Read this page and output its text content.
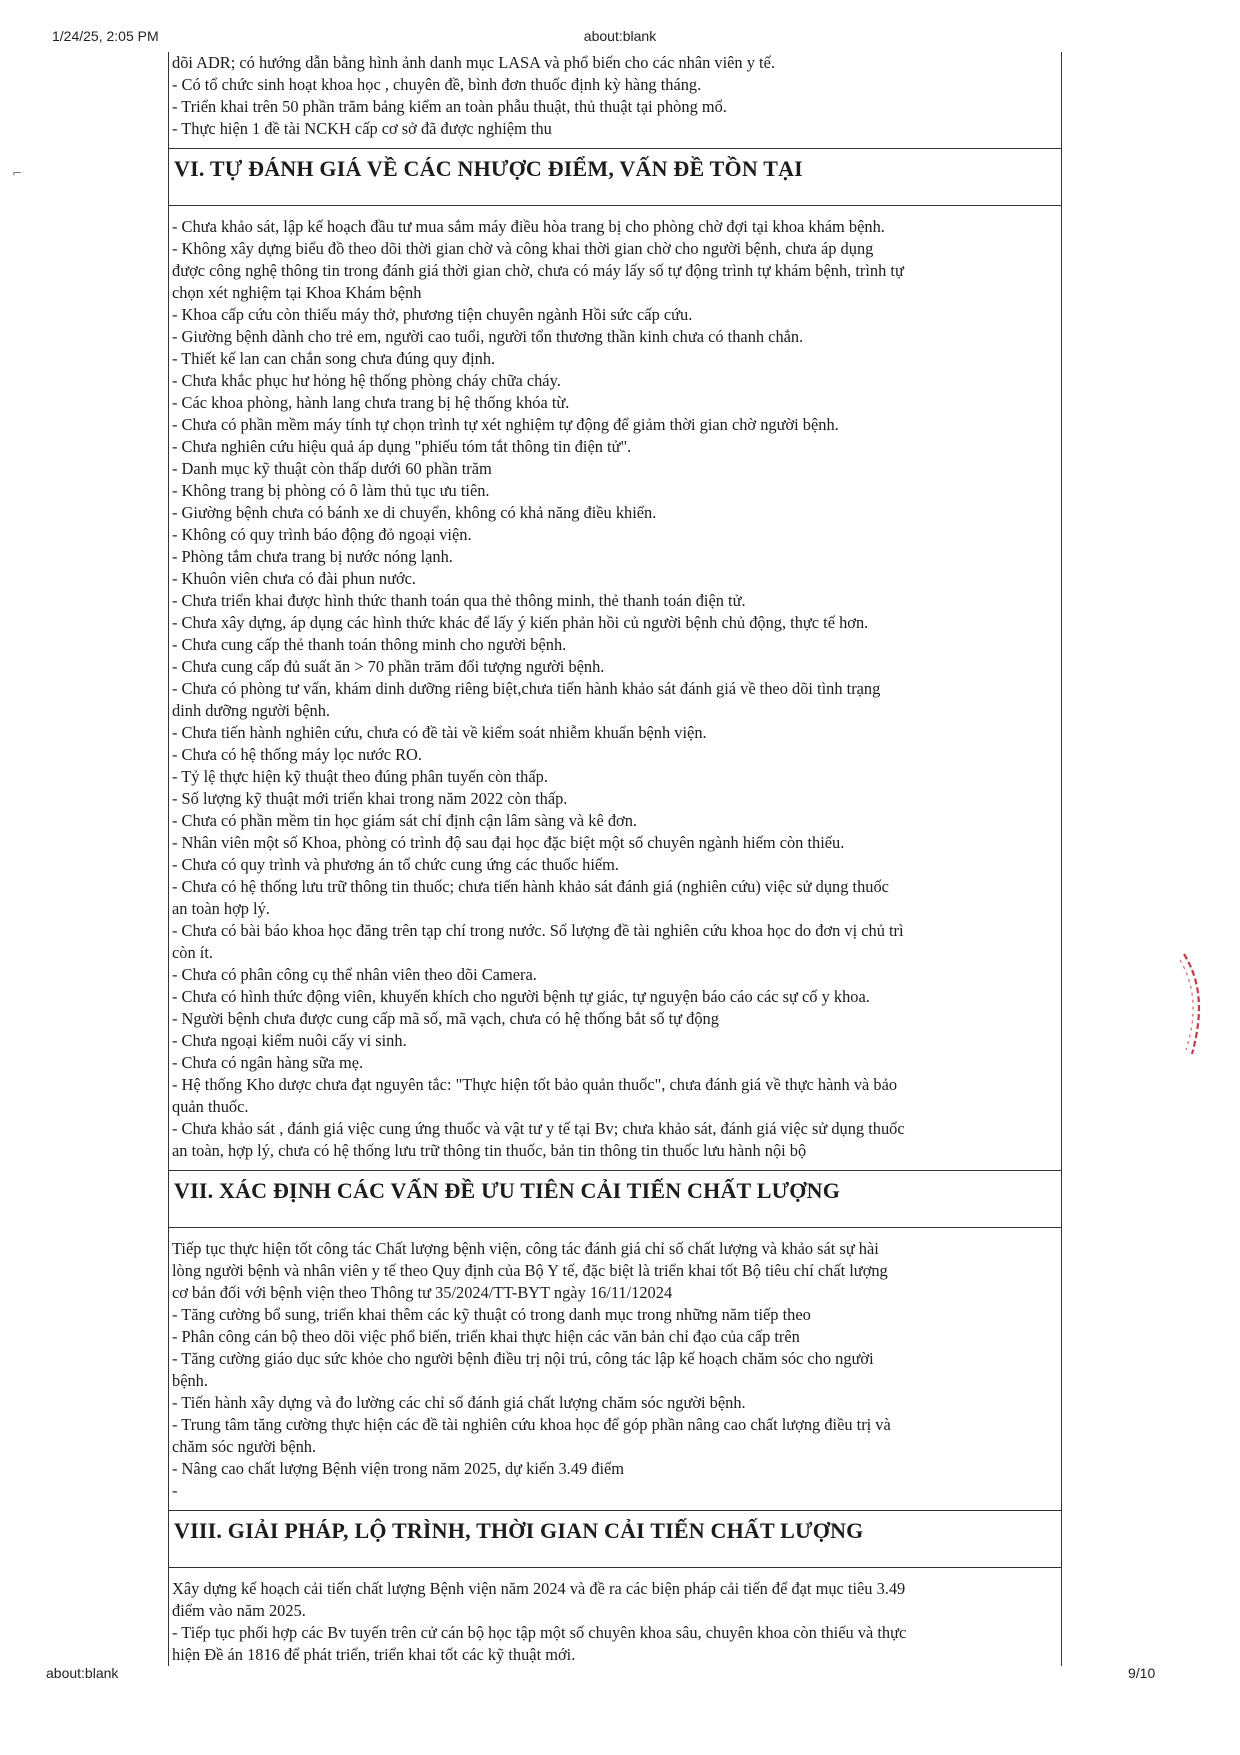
1/24/25, 2:05 PM	about:blank
⌐
dõi ADR; có hướng dẫn bằng hình ảnh danh mục LASA và phổ biến cho các nhân viên y tế.
- Có tổ chức sinh hoạt khoa học , chuyên đề, bình đơn thuốc định kỳ hàng tháng.
- Triển khai trên 50 phần trăm bảng kiểm an toàn phẫu thuật, thủ thuật tại phòng mổ.
- Thực hiện 1 đề tài NCKH cấp cơ sở đã được nghiệm thu
VI. TỰ ĐÁNH GIÁ VỀ CÁC NHƯỢC ĐIỂM, VẤN ĐỀ TỒN TẠI
- Chưa khảo sát, lập kế hoạch đầu tư mua sắm máy điều hòa trang bị cho phòng chờ đợi tại khoa khám bệnh.
- Không xây dựng biểu đồ theo dõi thời gian chờ và công khai thời gian chờ cho người bệnh, chưa áp dụng
được công nghệ thông tin trong đánh giá thời gian chờ, chưa có máy lấy số tự động trình tự khám bệnh, trình tự
chọn xét nghiệm tại Khoa Khám bệnh
- Khoa cấp cứu còn thiếu máy thở, phương tiện chuyên ngành Hồi sức cấp cứu.
- Giường bệnh dành cho trẻ em, người cao tuổi, người tổn thương thần kinh chưa có thanh chắn.
- Thiết kế lan can chắn song chưa đúng quy định.
- Chưa khắc phục hư hỏng hệ thống phòng cháy chữa cháy.
- Các khoa phòng, hành lang chưa trang bị hệ thống khóa từ.
- Chưa có phần mềm máy tính tự chọn trình tự xét nghiệm tự động để giảm thời gian chờ người bệnh.
- Chưa nghiên cứu hiệu quả áp dụng "phiếu tóm tắt thông tin điện tử".
- Danh mục kỹ thuật còn thấp dưới 60 phần trăm
- Không trang bị phòng có ô làm thủ tục ưu tiên.
- Giường bệnh chưa có bánh xe di chuyển, không có khả năng điều khiển.
- Không có quy trình báo động đỏ ngoại viện.
- Phòng tắm chưa trang bị nước nóng lạnh.
- Khuôn viên chưa có đài phun nước.
- Chưa triển khai được hình thức thanh toán qua thẻ thông minh, thẻ thanh toán điện tử.
- Chưa xây dựng, áp dụng các hình thức khác để lấy ý kiến phản hồi củ người bệnh chủ động, thực tế hơn.
- Chưa cung cấp thẻ thanh toán thông minh cho người bệnh.
- Chưa cung cấp đủ suất ăn > 70 phần trăm đối tượng người bệnh.
- Chưa có phòng tư vấn, khám dinh dưỡng riêng biệt,chưa tiến hành khảo sát đánh giá về theo dõi tình trạng
dinh dưỡng người bệnh.
- Chưa tiến hành nghiên cứu, chưa có đề tài về kiểm soát nhiễm khuẩn bệnh viện.
- Chưa có hệ thống máy lọc nước RO.
- Tỷ lệ thực hiện kỹ thuật theo đúng phân tuyến còn thấp.
- Số lượng kỹ thuật mới triển khai trong năm 2022 còn thấp.
- Chưa có phần mềm tin học giám sát chỉ định cận lâm sàng và kê đơn.
- Nhân viên một số Khoa, phòng có trình độ sau đại học đặc biệt một số chuyên ngành hiếm còn thiếu.
- Chưa có quy trình và phương án tổ chức cung ứng các thuốc hiếm.
- Chưa có hệ thống lưu trữ thông tin thuốc; chưa tiến hành khảo sát đánh giá (nghiên cứu) việc sử dụng thuốc
an toàn hợp lý.
- Chưa có bài báo khoa học đăng trên tạp chí trong nước. Số lượng đề tài nghiên cứu khoa học do đơn vị chủ trì
còn ít.
- Chưa có phân công cụ thể nhân viên theo dõi Camera.
- Chưa có hình thức động viên, khuyến khích cho người bệnh tự giác, tự nguyện báo cáo các sự cố y khoa.
- Người bệnh chưa được cung cấp mã số, mã vạch, chưa có hệ thống bắt số tự động
- Chưa ngoại kiểm nuôi cấy vi sinh.
- Chưa có ngân hàng sữa mẹ.
- Hệ thống Kho dược chưa đạt nguyên tắc: "Thực hiện tốt bảo quản thuốc", chưa đánh giá về thực hành và bảo
quản thuốc.
- Chưa khảo sát , đánh giá việc cung ứng thuốc và vật tư y tế tại Bv; chưa khảo sát, đánh giá việc sử dụng thuốc
an toàn, hợp lý, chưa có hệ thống lưu trữ thông tin thuốc, bản tin thông tin thuốc lưu hành nội bộ
VII. XÁC ĐỊNH CÁC VẤN ĐỀ ƯU TIÊN CẢI TIẾN CHẤT LƯỢNG
Tiếp tục thực hiện tốt công tác Chất lượng bệnh viện, công tác đánh giá chỉ số chất lượng và khảo sát sự hài
lòng người bệnh và nhân viên y tế theo Quy định của Bộ Y tế, đặc biệt là triển khai tốt Bộ tiêu chí chất lượng
cơ bản đối với bệnh viện theo Thông tư 35/2024/TT-BYT ngày 16/11/12024
- Tăng cường bổ sung, triển khai thêm các kỹ thuật có trong danh mục trong những năm tiếp theo
- Phân công cán bộ theo dõi việc phổ biến, triển khai thực hiện các văn bản chỉ đạo của cấp trên
- Tăng cường giáo dục sức khỏe cho người bệnh điều trị nội trú, công tác lập kế hoạch chăm sóc cho người
bệnh.
- Tiến hành xây dựng và đo lường các chỉ số đánh giá chất lượng chăm sóc người bệnh.
- Trung tâm tăng cường thực hiện các đề tài nghiên cứu khoa học để góp phần nâng cao chất lượng điều trị và
chăm sóc người bệnh.
- Nâng cao chất lượng Bệnh viện trong năm 2025, dự kiến 3.49 điểm
-
VIII. GIẢI PHÁP, LỘ TRÌNH, THỜI GIAN CẢI TIẾN CHẤT LƯỢNG
Xây dựng kế hoạch cải tiến chất lượng Bệnh viện năm 2024 và đề ra các biện pháp cải tiến để đạt mục tiêu 3.49
điểm vào năm 2025.
- Tiếp tục phối hợp các Bv tuyến trên cử cán bộ học tập một số chuyên khoa sâu, chuyên khoa còn thiếu và thực
hiện Đề án 1816 để phát triển, triển khai tốt các kỹ thuật mới.
about:blank	9/10
